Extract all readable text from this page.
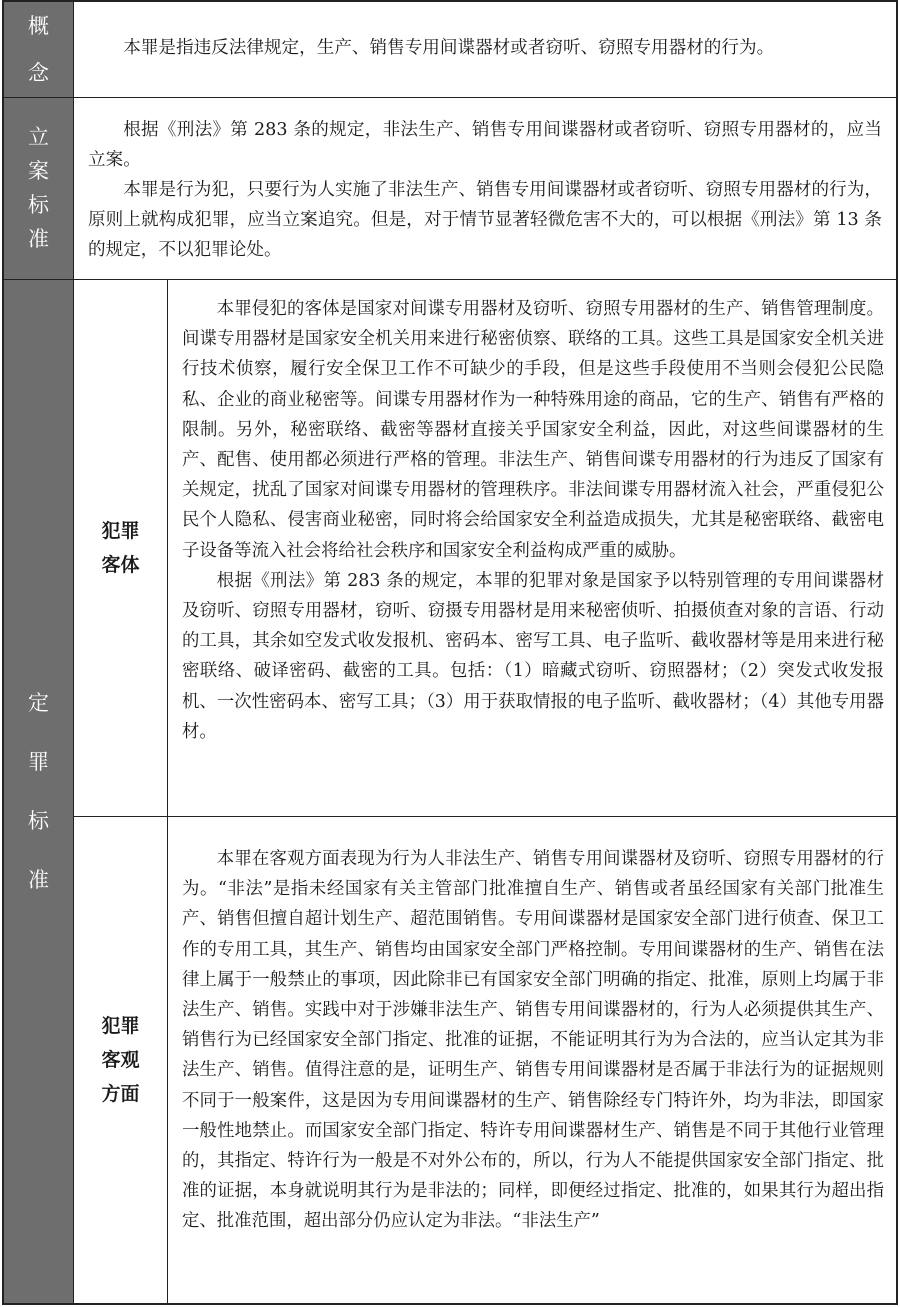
概
念

本罪是指违反法律规定，生产、销售专用间谍器材或者窃听、窃照专用器材的行为。

立
案
标
准

根据《刑法》第 283 条的规定，非法生产、销售专用间谍器材或者窃听、窃照专用器材的，应当立案。

本罪是行为犯，只要行为人实施了非法生产、销售专用间谍器材或者窃听、窃照专用器材的行为，原则上就构成犯罪，应当立案追究。但是，对于情节显著轻微危害不大的，可以根据《刑法》第 13 条的规定，不以犯罪论处。

定
罪
标
准
犯罪
客体

本罪侵犯的客体是国家对间谍专用器材及窃听、窃照专用器材的生产、销售管理制度。间谍专用器材是国家安全机关用来进行秘密侦察、联络的工具。这些工具是国家安全机关进行技术侦察，履行安全保卫工作不可缺少的手段，但是这些手段使用不当则会侵犯公民隐私、企业的商业秘密等。间谍专用器材作为一种特殊用途的商品，它的生产、销售有严格的限制。另外，秘密联络、截密等器材直接关乎国家安全利益，因此，对这些间谍器材的生产、配售、使用都必须进行严格的管理。非法生产、销售间谍专用器材的行为违反了国家有关规定，扰乱了国家对间谍专用器材的管理秩序。非法间谍专用器材流入社会，严重侵犯公民个人隐私、侵害商业秘密，同时将会给国家安全利益造成损失，尤其是秘密联络、截密电子设备等流入社会将给社会秩序和国家安全利益构成严重的威胁。

根据《刑法》第 283 条的规定，本罪的犯罪对象是国家予以特别管理的专用间谍器材及窃听、窃照专用器材，窃听、窃摄专用器材是用来秘密侦听、拍摄侦查对象的言语、行动的工具，其余如空发式收发报机、密码本、密写工具、电子监听、截收器材等是用来进行秘密联络、破译密码、截密的工具。包括：（1）暗藏式窃听、窃照器材；（2）突发式收发报机、一次性密码本、密写工具；（3）用于获取情报的电子监听、截收器材；（4）其他专用器材。

犯罪
客观
方面

本罪在客观方面表现为行为人非法生产、销售专用间谍器材及窃听、窃照专用器材的行为。“非法”是指未经国家有关主管部门批准擅自生产、销售或者虽经国家有关部门批准生产、销售但擅自超计划生产、超范围销售。专用间谍器材是国家安全部门进行侦查、保卫工作的专用工具，其生产、销售均由国家安全部门严格控制。专用间谍器材的生产、销售在法律上属于一般禁止的事项，因此除非已有国家安全部门明确的指定、批准，原则上均属于非法生产、销售。实践中对于涉嫌非法生产、销售专用间谍器材的，行为人必须提供其生产、销售行为已经国家安全部门指定、批准的证据，不能证明其行为为合法的，应当认定其为非法生产、销售。值得注意的是，证明生产、销售专用间谍器材是否属于非法行为的证据规则不同于一般案件，这是因为专用间谍器材的生产、销售除经专门特许外，均为非法，即国家一般性地禁止。而国家安全部门指定、特许专用间谍器材生产、销售是不同于其他行业管理的，其指定、特许行为一般是不对外公布的，所以，行为人不能提供国家安全部门指定、批准的证据，本身就说明其行为是非法的；同样，即便经过指定、批准的，如果其行为超出指定、批准范围，超出部分仍应认定为非法。“非法生产”
